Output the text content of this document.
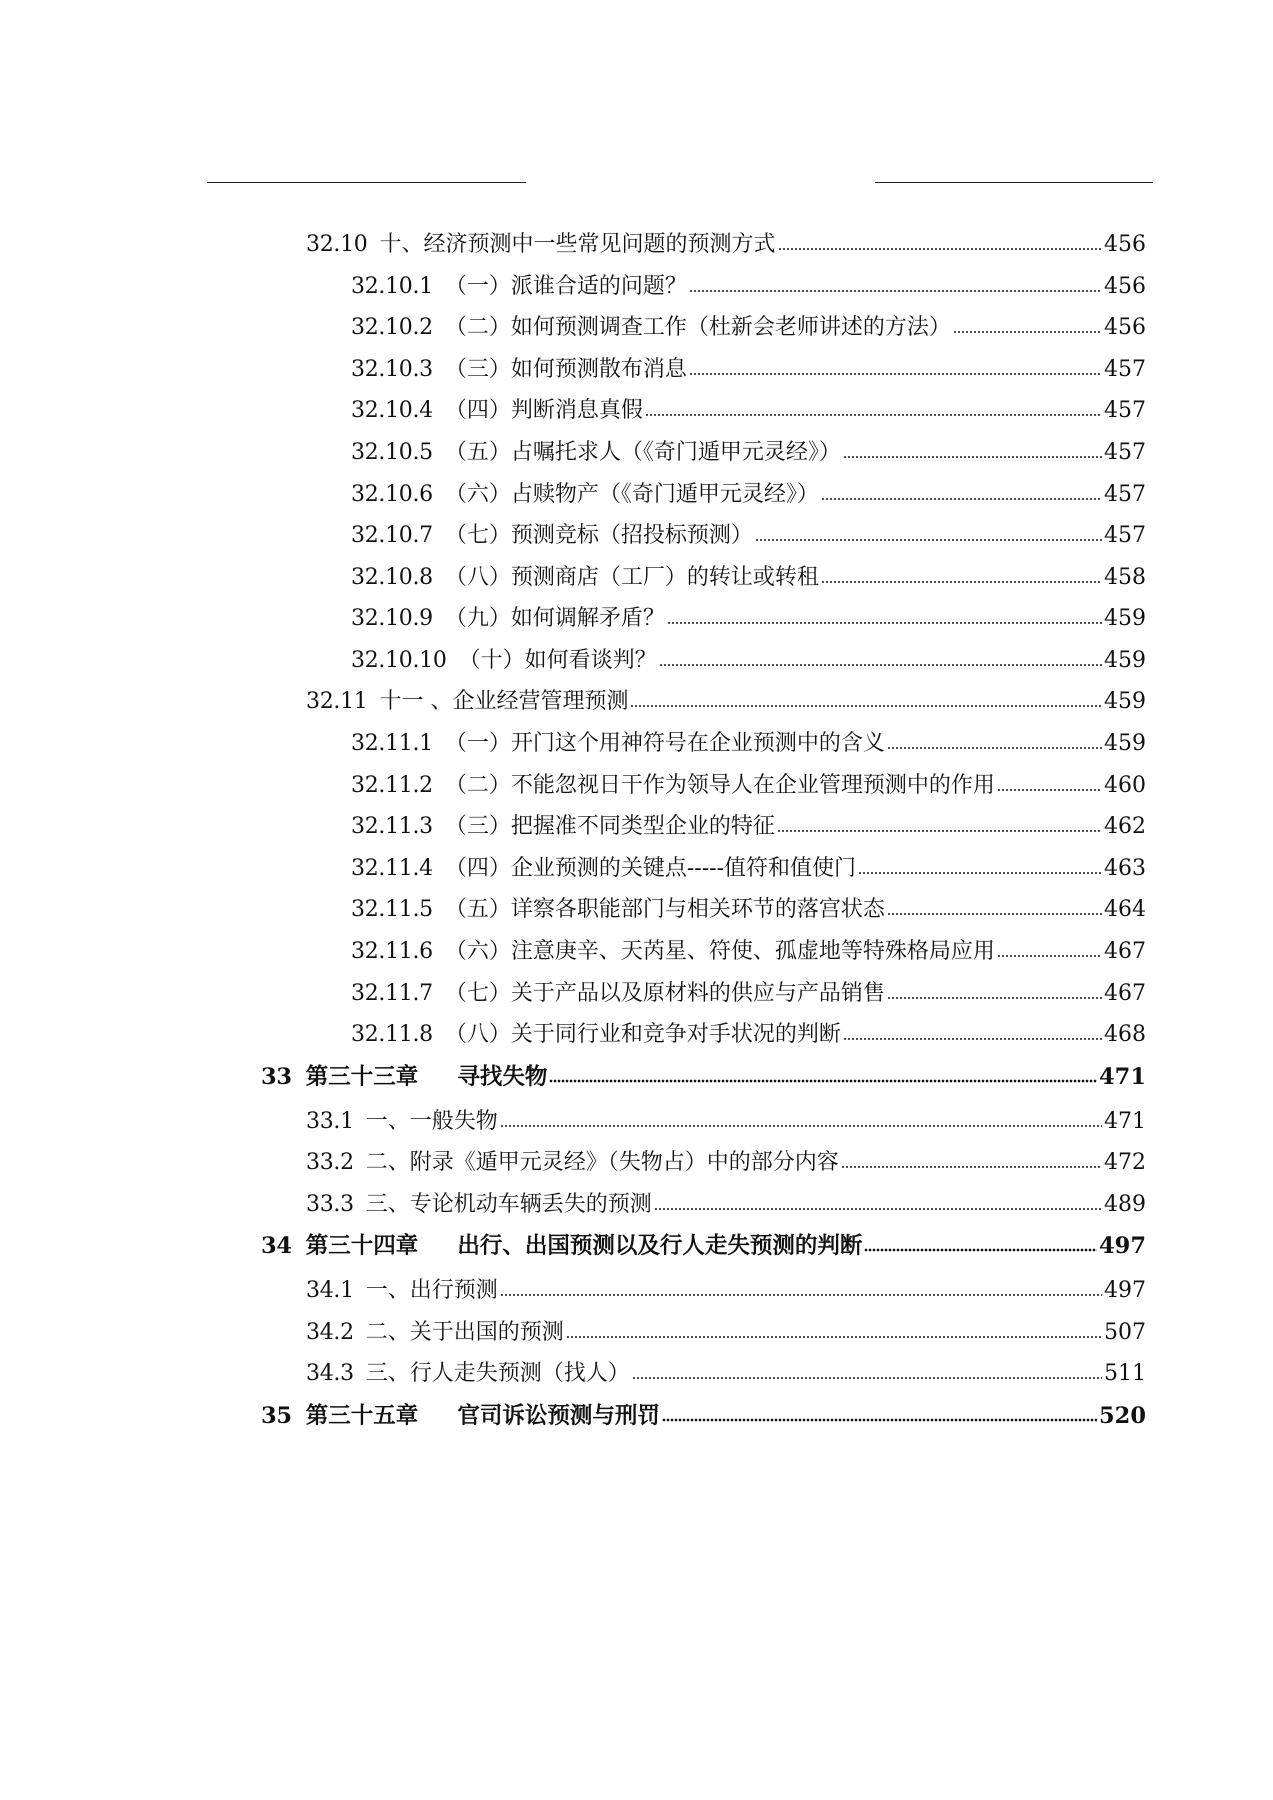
32.10 十、经济预测中一些常见问题的预测方式	456
32.10.1 （一）派谁合适的问题？	456
32.10.2 （二）如何预测调查工作（杜新会老师讲述的方法）	456
32.10.3 （三）如何预测散布消息	457
32.10.4 （四）判断消息真假	457
32.10.5 （五）占嘱托求人（《奇门遁甲元灵经》）	457
32.10.6 （六）占赎物产（《奇门遁甲元灵经》）	457
32.10.7 （七）预测竞标（招投标预测）	457
32.10.8 （八）预测商店（工厂）的转让或转租	458
32.10.9 （九）如何调解矛盾？	459
32.10.10 （十）如何看谈判？	459
32.11 十一 、企业经营管理预测	459
32.11.1 （一）开门这个用神符号在企业预测中的含义	459
32.11.2 （二）不能忽视日干作为领导人在企业管理预测中的作用	460
32.11.3 （三）把握准不同类型企业的特征	462
32.11.4 （四）企业预测的关键点-----值符和值使门	463
32.11.5 （五）详察各职能部门与相关环节的落宫状态	464
32.11.6 （六）注意庚辛、天芮星、符使、孤虚地等特殊格局应用	467
32.11.7 （七）关于产品以及原材料的供应与产品销售	467
32.11.8 （八）关于同行业和竞争对手状况的判断	468
33 第三十三章     寻找失物	471
33.1 一、一般失物	471
33.2 二、附录《遁甲元灵经》（失物占）中的部分内容	472
33.3 三、专论机动车辆丢失的预测	489
34 第三十四章     出行、出国预测以及行人走失预测的判断	497
34.1 一、出行预测	497
34.2 二、关于出国的预测	507
34.3 三、行人走失预测（找人）	511
35 第三十五章     官司诉讼预测与刑罚	520
